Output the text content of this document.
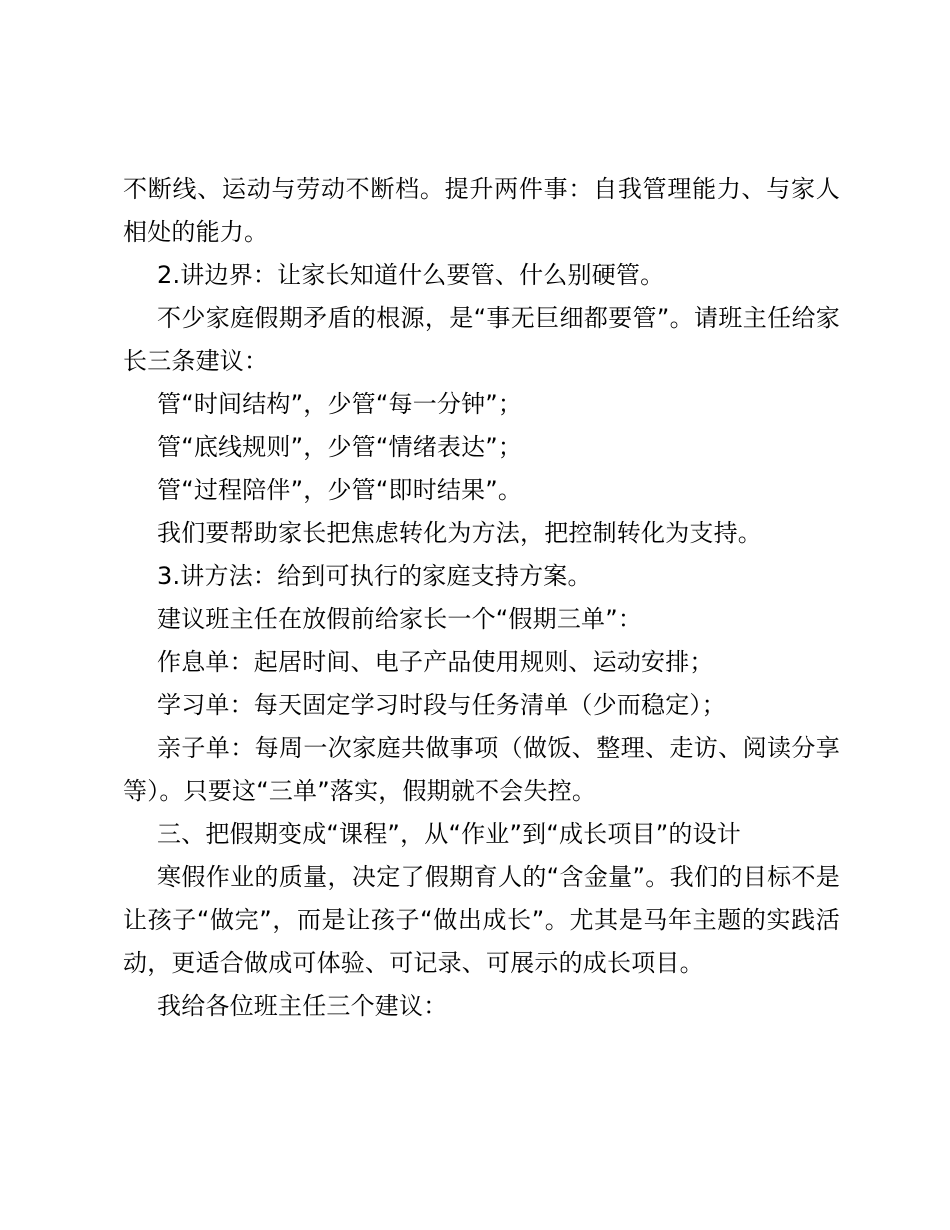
不断线、运动与劳动不断档。提升两件事：自我管理能力、与家人相处的能力。

2.讲边界：让家长知道什么要管、什么别硬管。

不少家庭假期矛盾的根源，是“事无巨细都要管”。请班主任给家长三条建议：

管“时间结构”，少管“每一分钟”；

管“底线规则”，少管“情绪表达”；

管“过程陪伴”，少管“即时结果”。

我们要帮助家长把焦虑转化为方法，把控制转化为支持。

3.讲方法：给到可执行的家庭支持方案。

建议班主任在放假前给家长一个“假期三单”：

作息单：起居时间、电子产品使用规则、运动安排；

学习单：每天固定学习时段与任务清单（少而稳定）；

亲子单：每周一次家庭共做事项（做饭、整理、走访、阅读分享等）。只要这“三单”落实，假期就不会失控。

三、把假期变成“课程”，从“作业”到“成长项目”的设计

寒假作业的质量，决定了假期育人的“含金量”。我们的目标不是让孩子“做完”，而是让孩子“做出成长”。尤其是马年主题的实践活动，更适合做成可体验、可记录、可展示的成长项目。

我给各位班主任三个建议：
